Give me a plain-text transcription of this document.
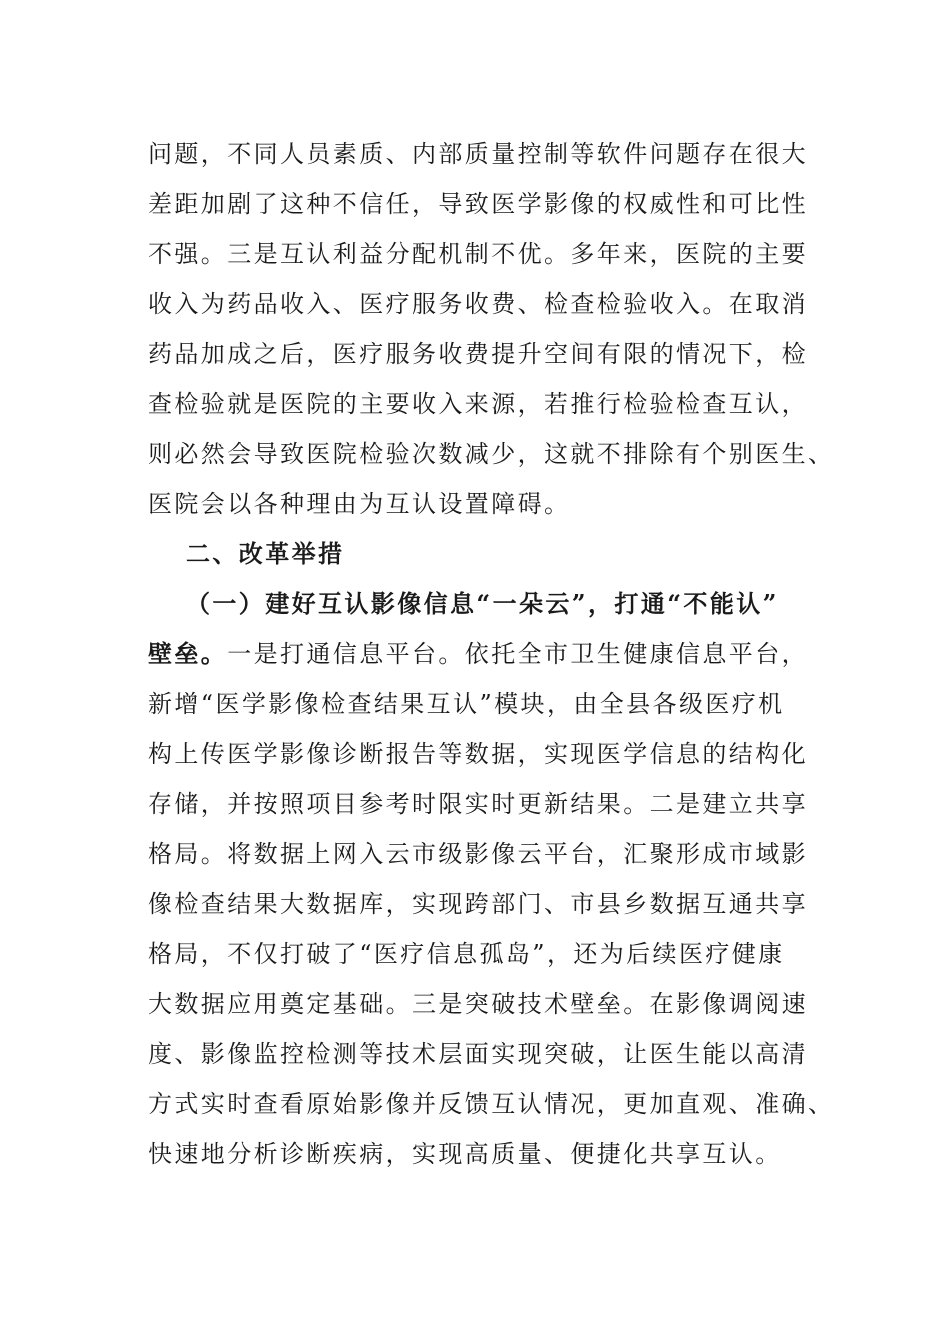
问题，不同人员素质、内部质量控制等软件问题存在很大
差距加剧了这种不信任，导致医学影像的权威性和可比性
不强。三是互认利益分配机制不优。多年来，医院的主要
收入为药品收入、医疗服务收费、检查检验收入。在取消
药品加成之后，医疗服务收费提升空间有限的情况下，检
查检验就是医院的主要收入来源，若推行检验检查互认，
则必然会导致医院检验次数减少，这就不排除有个别医生、
医院会以各种理由为互认设置障碍。
二、改革举措
（一）建好互认影像信息“一朵云”，打通“不能认”
壁垒。一是打通信息平台。依托全市卫生健康信息平台，
新增“医学影像检查结果互认”模块，由全县各级医疗机
构上传医学影像诊断报告等数据，实现医学信息的结构化
存储，并按照项目参考时限实时更新结果。二是建立共享
格局。将数据上网入云市级影像云平台，汇聚形成市域影
像检查结果大数据库，实现跨部门、市县乡数据互通共享
格局，不仅打破了“医疗信息孤岛”，还为后续医疗健康
大数据应用奠定基础。三是突破技术壁垒。在影像调阅速
度、影像监控检测等技术层面实现突破，让医生能以高清
方式实时查看原始影像并反馈互认情况，更加直观、准确、
快速地分析诊断疾病，实现高质量、便捷化共享互认。
